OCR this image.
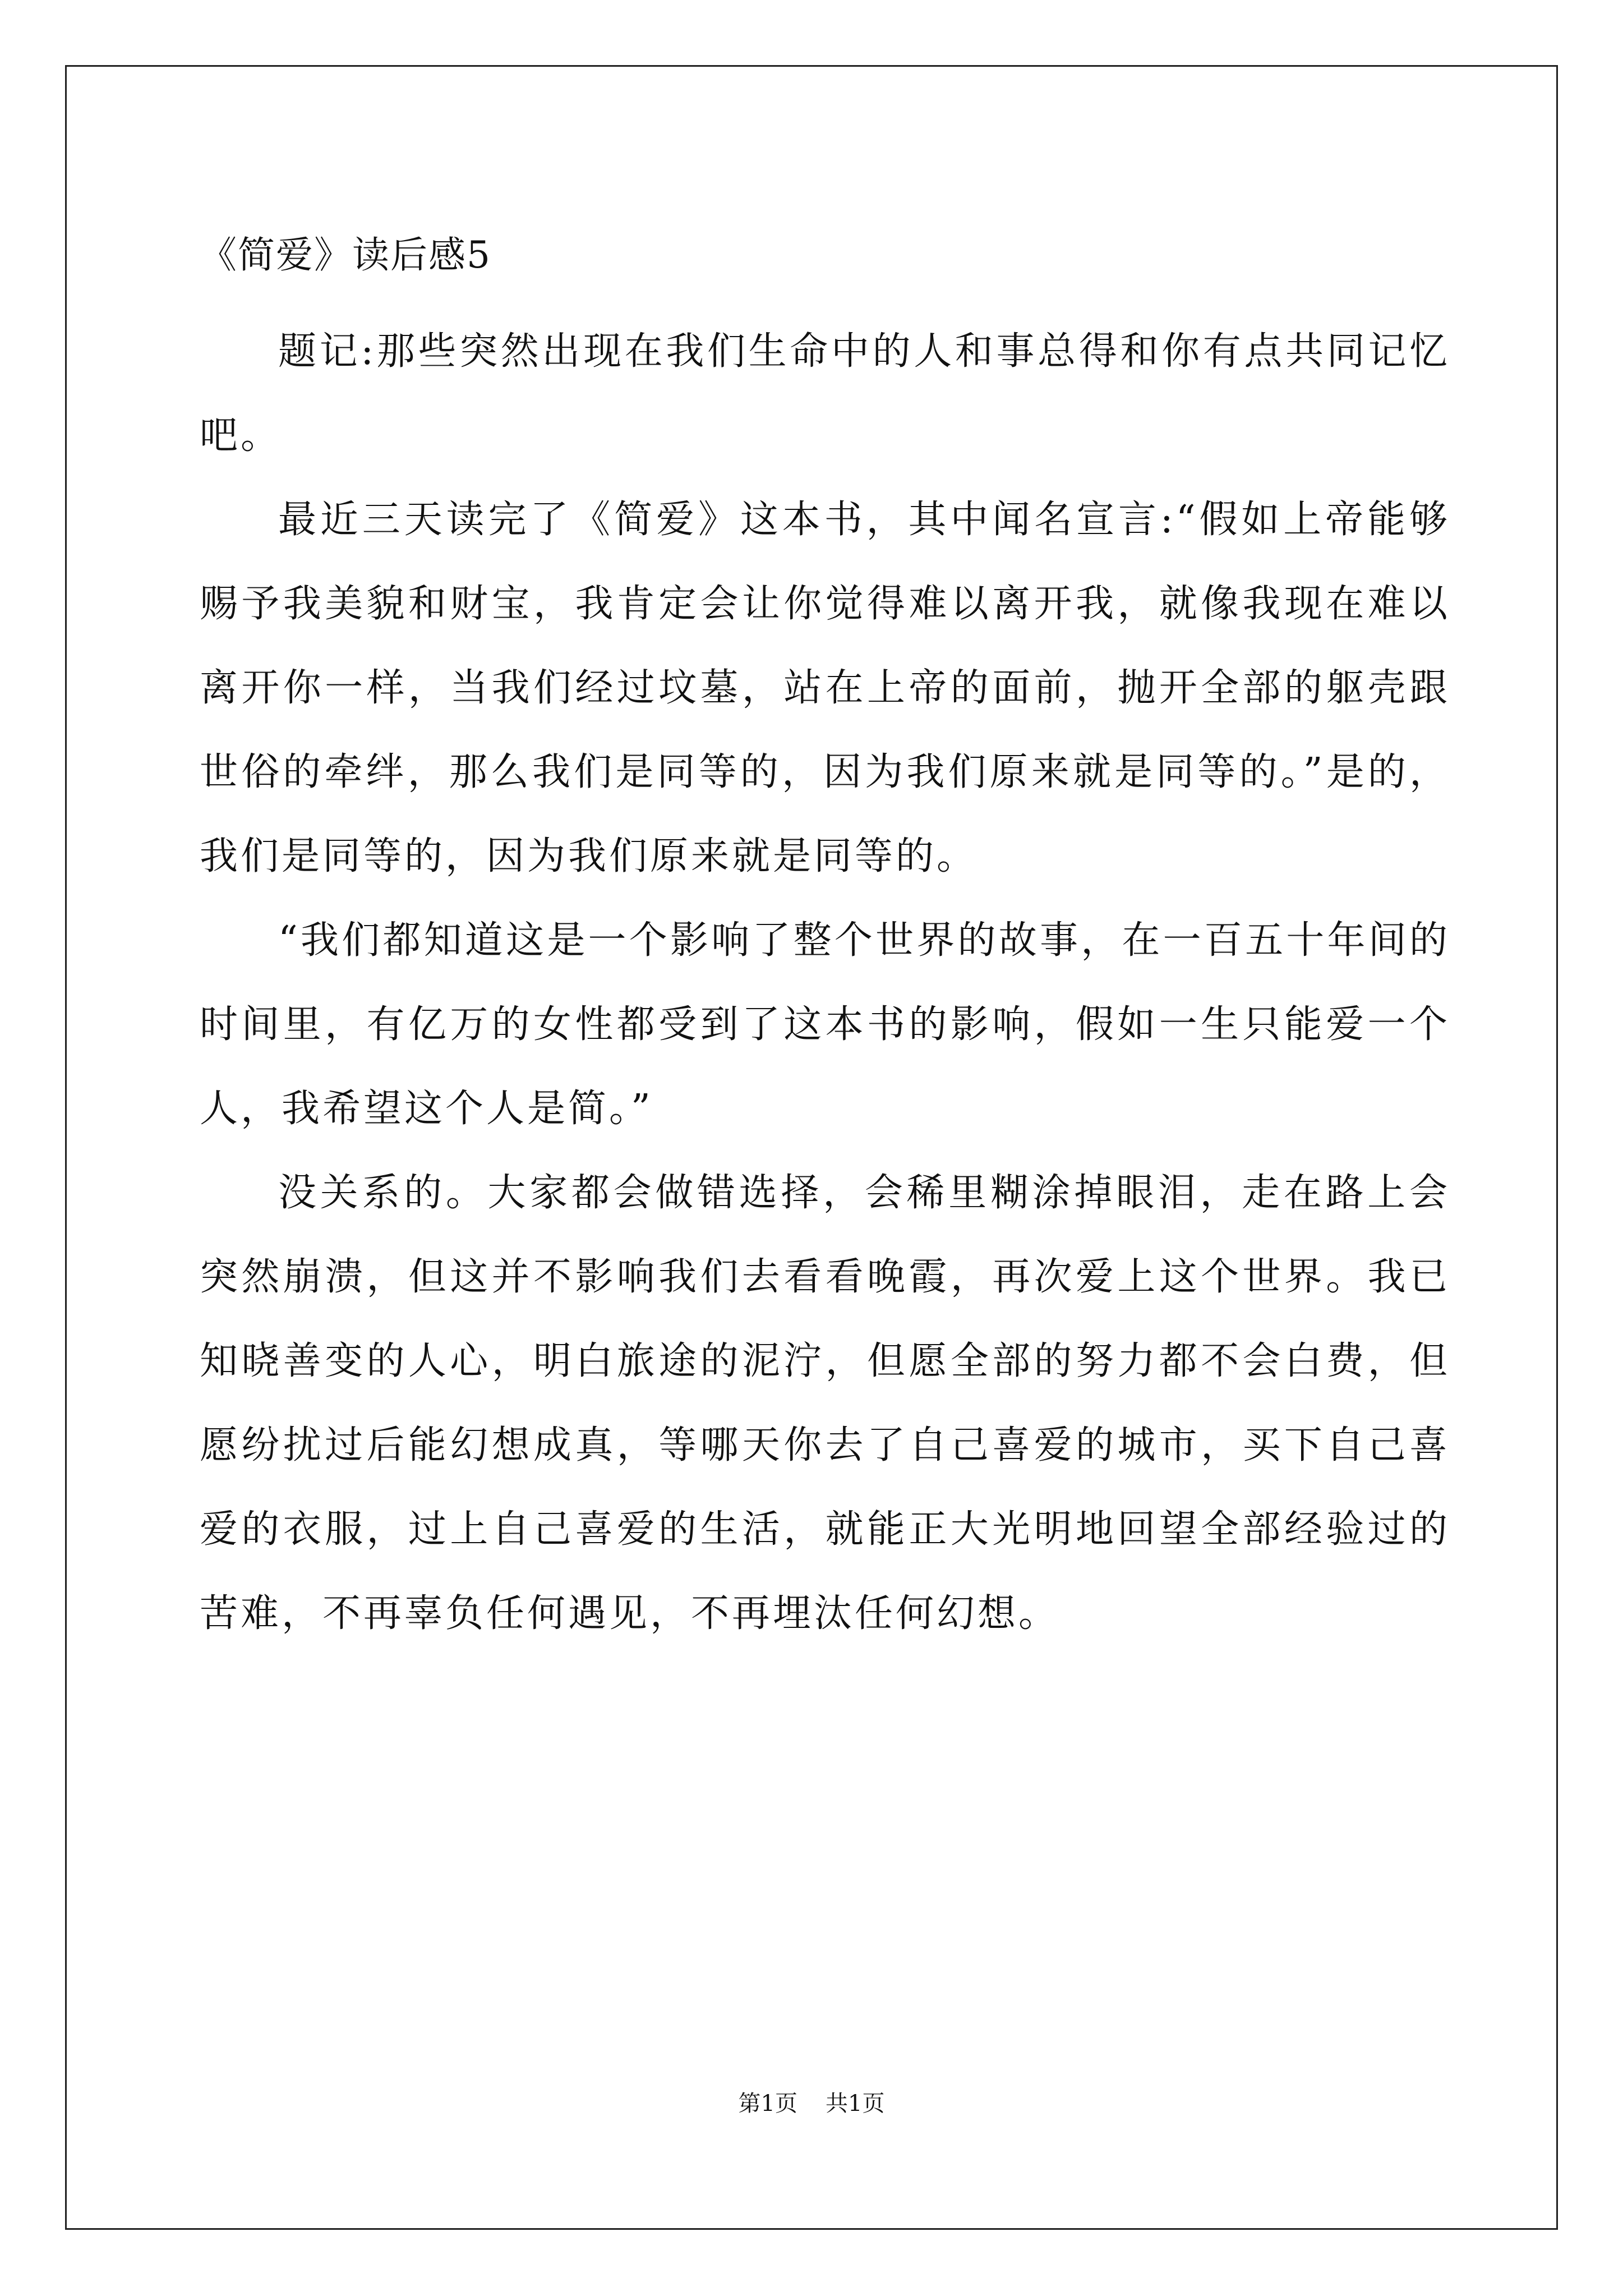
《简爱》读后感5

题记:那些突然出现在我们生命中的人和事总得和你有点共同记忆吧。

最近三天读完了《简爱》这本书，其中闻名宣言:“假如上帝能够赐予我美貌和财宝，我肯定会让你觉得难以离开我，就像我现在难以离开你一样，当我们经过坟墓，站在上帝的面前，抛开全部的躯壳跟世俗的牵绊，那么我们是同等的，因为我们原来就是同等的。”是的，我们是同等的，因为我们原来就是同等的。

“我们都知道这是一个影响了整个世界的故事，在一百五十年间的时间里，有亿万的女性都受到了这本书的影响，假如一生只能爱一个人，我希望这个人是简。”

没关系的。大家都会做错选择，会稀里糊涂掉眼泪，走在路上会突然崩溃，但这并不影响我们去看看晚霞，再次爱上这个世界。我已知晓善变的人心，明白旅途的泥泞，但愿全部的努力都不会白费，但愿纷扰过后能幻想成真，等哪天你去了自己喜爱的城市，买下自己喜爱的衣服，过上自己喜爱的生活，就能正大光明地回望全部经验过的苦难，不再辜负任何遇见，不再埋汰任何幻想。

第1页 共1页
